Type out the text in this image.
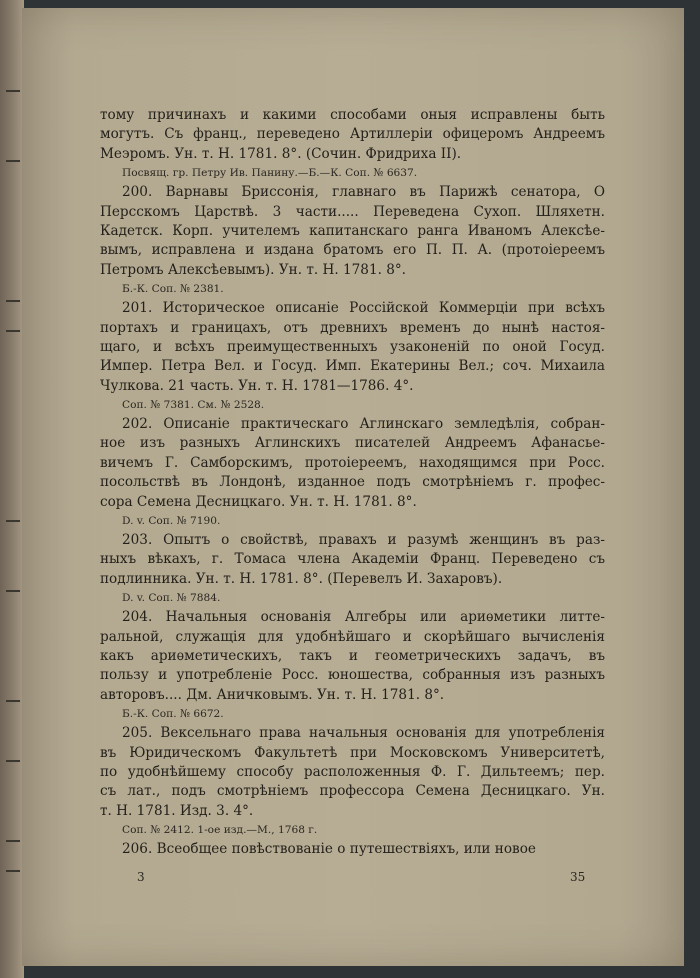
тому причинахъ и какими способами оныя исправлены быть
могутъ. Съ франц., переведено Артиллерiи офицеромъ Андреемъ
Меэромъ. Ун. т. Н. 1781. 8°. (Сочин. Фридриха II).
Посвящ. гр. Петру Ив. Панину.—Б.—К. Соп. № 6637.
200. Варнавы Бриссонiя, главнаго въ Парижѣ сенатора, О
Персскомъ Царствѣ. 3 части..... Переведена Сухоп. Шляхетн.
Кадетск. Корп. учителемъ капитанскаго ранга Иваномъ Алексѣе-
вымъ, исправлена и издана братомъ его П. П. А. (протоiереемъ
Петромъ Алексѣевымъ). Ун. т. Н. 1781. 8°.
Б.-К. Соп. № 2381.
201. Историческое описанiе Россiйской Коммерцiи при всѣхъ
портахъ и границахъ, отъ древнихъ временъ до нынѣ настоя-
щаго, и всѣхъ преимущественныхъ узаконенiй по оной Госуд.
Импер. Петра Вел. и Госуд. Имп. Екатерины Вел.; соч. Михаила
Чулкова. 21 часть. Ун. т. Н. 1781—1786. 4°.
Соп. № 7381. См. № 2528.
202. Описанiе практическаго Аглинскаго земледѣлiя, собран-
ное изъ разныхъ Аглинскихъ писателей Андреемъ Афанасье-
вичемъ Г. Самборскимъ, протоiереемъ, находящимся при Росс.
посольствѣ въ Лондонѣ, изданное подъ смотрѣнiемъ г. профес-
сора Семена Десницкаго. Ун. т. Н. 1781. 8°.
D. v. Соп. № 7190.
203. Опытъ о свойствѣ, правахъ и разумѣ женщинъ въ раз-
ныхъ вѣкахъ, г. Томаса члена Академiи Франц. Переведено съ
подлинника. Ун. т. Н. 1781. 8°. (Перевелъ И. Захаровъ).
D. v. Соп. № 7884.
204. Начальныя основанiя Алгебры или ариѳметики литте-
ральной, служащiя для удобнѣйшаго и скорѣйшаго вычисленiя
какъ ариѳметическихъ, такъ и геометрическихъ задачъ, въ
пользу и употребленiе Росс. юношества, собранныя изъ разныхъ
авторовъ.... Дм. Аничковымъ. Ун. т. Н. 1781. 8°.
Б.-К. Соп. № 6672.
205. Вексельнаго права начальныя основанiя для употребленiя
въ Юридическомъ Факультетѣ при Московскомъ Университетѣ,
по удобнѣйшему способу расположенныя Ф. Г. Дильтеемъ; пер.
съ лат., подъ смотрѣнiемъ профессора Семена Десницкаго. Ун.
т. Н. 1781. Изд. 3. 4°.
Соп. № 2412. 1-ое изд.—М., 1768 г.
206. Всеобщее повѣствованiе о путешествiяхъ, или новое
3	35
